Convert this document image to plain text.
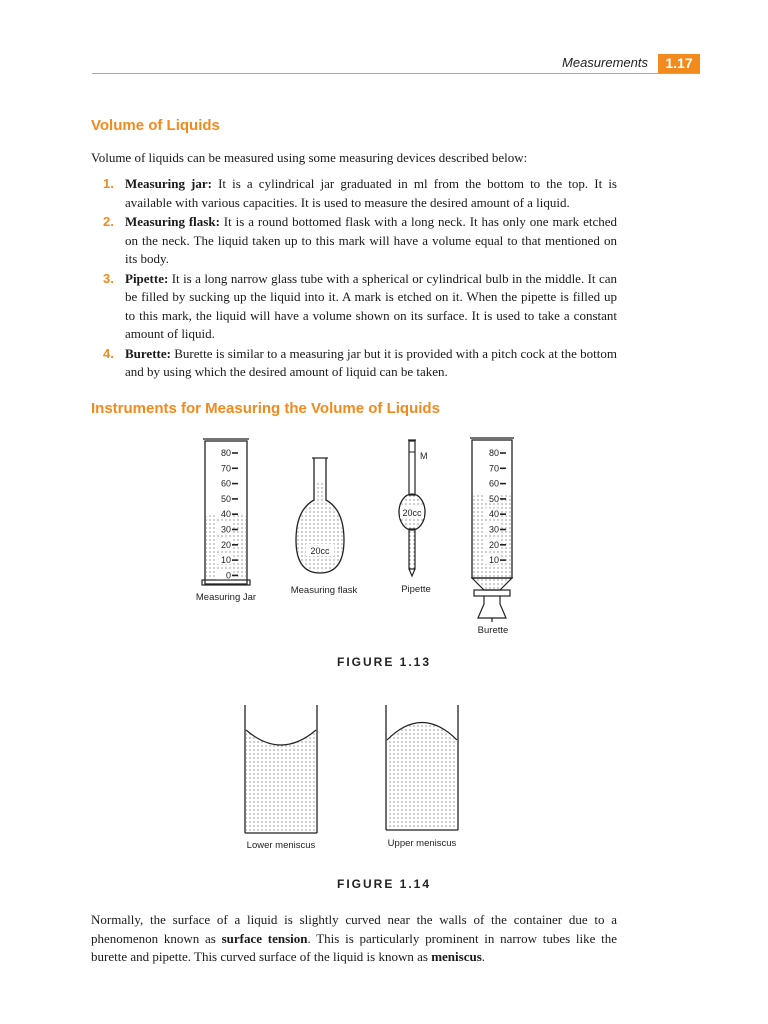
Measurements	1.17
Volume of Liquids

Volume of liquids can be measured using some measuring devices described below:

1. Measuring jar: It is a cylindrical jar graduated in ml from the bottom to the top. It is available with various capacities. It is used to measure the desired amount of a liquid.
2. Measuring flask: It is a round bottomed flask with a long neck. It has only one mark etched on the neck. The liquid taken up to this mark will have a volume equal to that mentioned on its body.
3. Pipette: It is a long narrow glass tube with a spherical or cylindrical bulb in the middle. It can be filled by sucking up the liquid into it. A mark is etched on it. When the pipette is filled up to this mark, the liquid will have a volume shown on its surface. It is used to take a constant amount of liquid.
4. Burette: Burette is similar to a measuring jar but it is provided with a pitch cock at the bottom and by using which the desired amount of liquid can be taken.
Instruments for Measuring the Volume of Liquids
80
70
60
50
40
30
20
10
0
Measuring Jar
20cc
Measuring flask
20cc
M
Pipette
80
70
60
50
40
30
20
10
Burette
FIGURE 1.13
Lower meniscus	Upper meniscus
FIGURE 1.14

Normally, the surface of a liquid is slightly curved near the walls of the container due to a phenomenon known as surface tension. This is particularly prominent in narrow tubes like the burette and pipette. This curved surface of the liquid is known as meniscus.
